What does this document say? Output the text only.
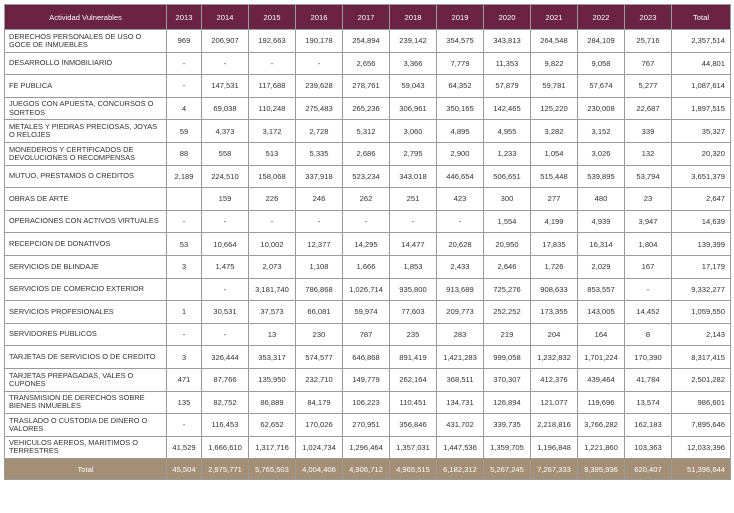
Actividad Vulnerables	2013	2014	2015	2016	2017	2018	2019	2020	2021	2022	2023	Total
DERECHOS PERSONALES DE USO O GOCE DE INMUEBLES	969	206,907	192,663	190,178	254,894	239,142	354,575	343,813	264,548	284,109	25,716	2,357,514
DESARROLLO INMOBILIARIO	-	-	-	-	2,656	3,366	7,779	11,353	9,822	9,058	767	44,801
FE PUBLICA	-	147,531	117,688	239,628	278,761	59,043	64,352	57,879	59,781	57,674	5,277	1,087,614
JUEGOS CON APUESTA, CONCURSOS O SORTEOS	4	69,038	110,248	275,483	265,236	306,961	350,165	142,465	125,220	230,008	22,687	1,897,515
METALES Y PIEDRAS PRECIOSAS, JOYAS O RELOJES	59	4,373	3,172	2,728	5,312	3,060	4,895	4,955	3,282	3,152	339	35,327
MONEDEROS Y CERTIFICADOS DE DEVOLUCIONES O RECOMPENSAS	88	558	513	5,335	2,686	2,795	2,900	1,233	1,054	3,026	132	20,320
MUTUO, PRESTAMOS O CREDITOS	2,189	224,510	158,068	337,918	523,234	343,018	446,654	506,651	515,448	539,895	53,794	3,651,379
OBRAS DE ARTE		159	226	246	262	251	423	300	277	480	23	2,647
OPERACIONES CON ACTIVOS VIRTUALES	-	-	-	-	-	-	-	1,554	4,199	4,939	3,947	14,639
RECEPCION DE DONATIVOS	53	10,664	10,002	12,377	14,295	14,477	20,628	20,950	17,835	16,314	1,804	139,399
SERVICIOS DE BLINDAJE	3	1,475	2,073	1,108	1,666	1,853	2,433	2,646	1,726	2,029	167	17,179
SERVICIOS DE COMERCIO EXTERIOR		-	3,181,740	786,868	1,026,714	935,800	913,689	725,276	908,633	853,557	-	9,332,277
SERVICIOS PROFESIONALES	1	30,531	37,573	66,081	59,974	77,603	209,773	252,252	173,355	143,005	14,452	1,059,550
SERVIDORES PUBLICOS	-	-	13	230	787	235	283	219	204	164	8	2,143
TARJETAS DE SERVICIOS O DE CREDITO	3	326,444	353,317	574,577	646,868	891,419	1,421,283	999,058	1,232,832	1,701,224	170,390	8,317,415
TARJETAS PREPAGADAS, VALES O CUPONES	471	87,766	135,950	232,710	149,779	262,164	368,511	370,307	412,376	439,464	41,784	2,501,282
TRANSMISION DE DERECHOS SOBRE BIENES INMUEBLES	135	82,752	86,889	84,179	106,223	110,451	134,731	126,894	121,077	119,696	13,574	986,601
TRASLADO O CUSTODIA DE DINERO O VALORES	-	116,453	62,652	170,026	270,951	356,846	431,702	339,735	2,218,816	3,766,282	162,183	7,895,646
VEHICULOS AEREOS, MARITIMOS O TERRESTRES	41,529	1,666,610	1,317,716	1,024,734	1,296,464	1,357,031	1,447,536	1,359,705	1,196,848	1,221,860	103,363	12,033,396
Total	45,504	2,975,771	5,765,503	4,004,406	4,906,712	4,965,515	6,182,312	5,267,245	7,267,333	9,395,936	620,407	51,396,644
